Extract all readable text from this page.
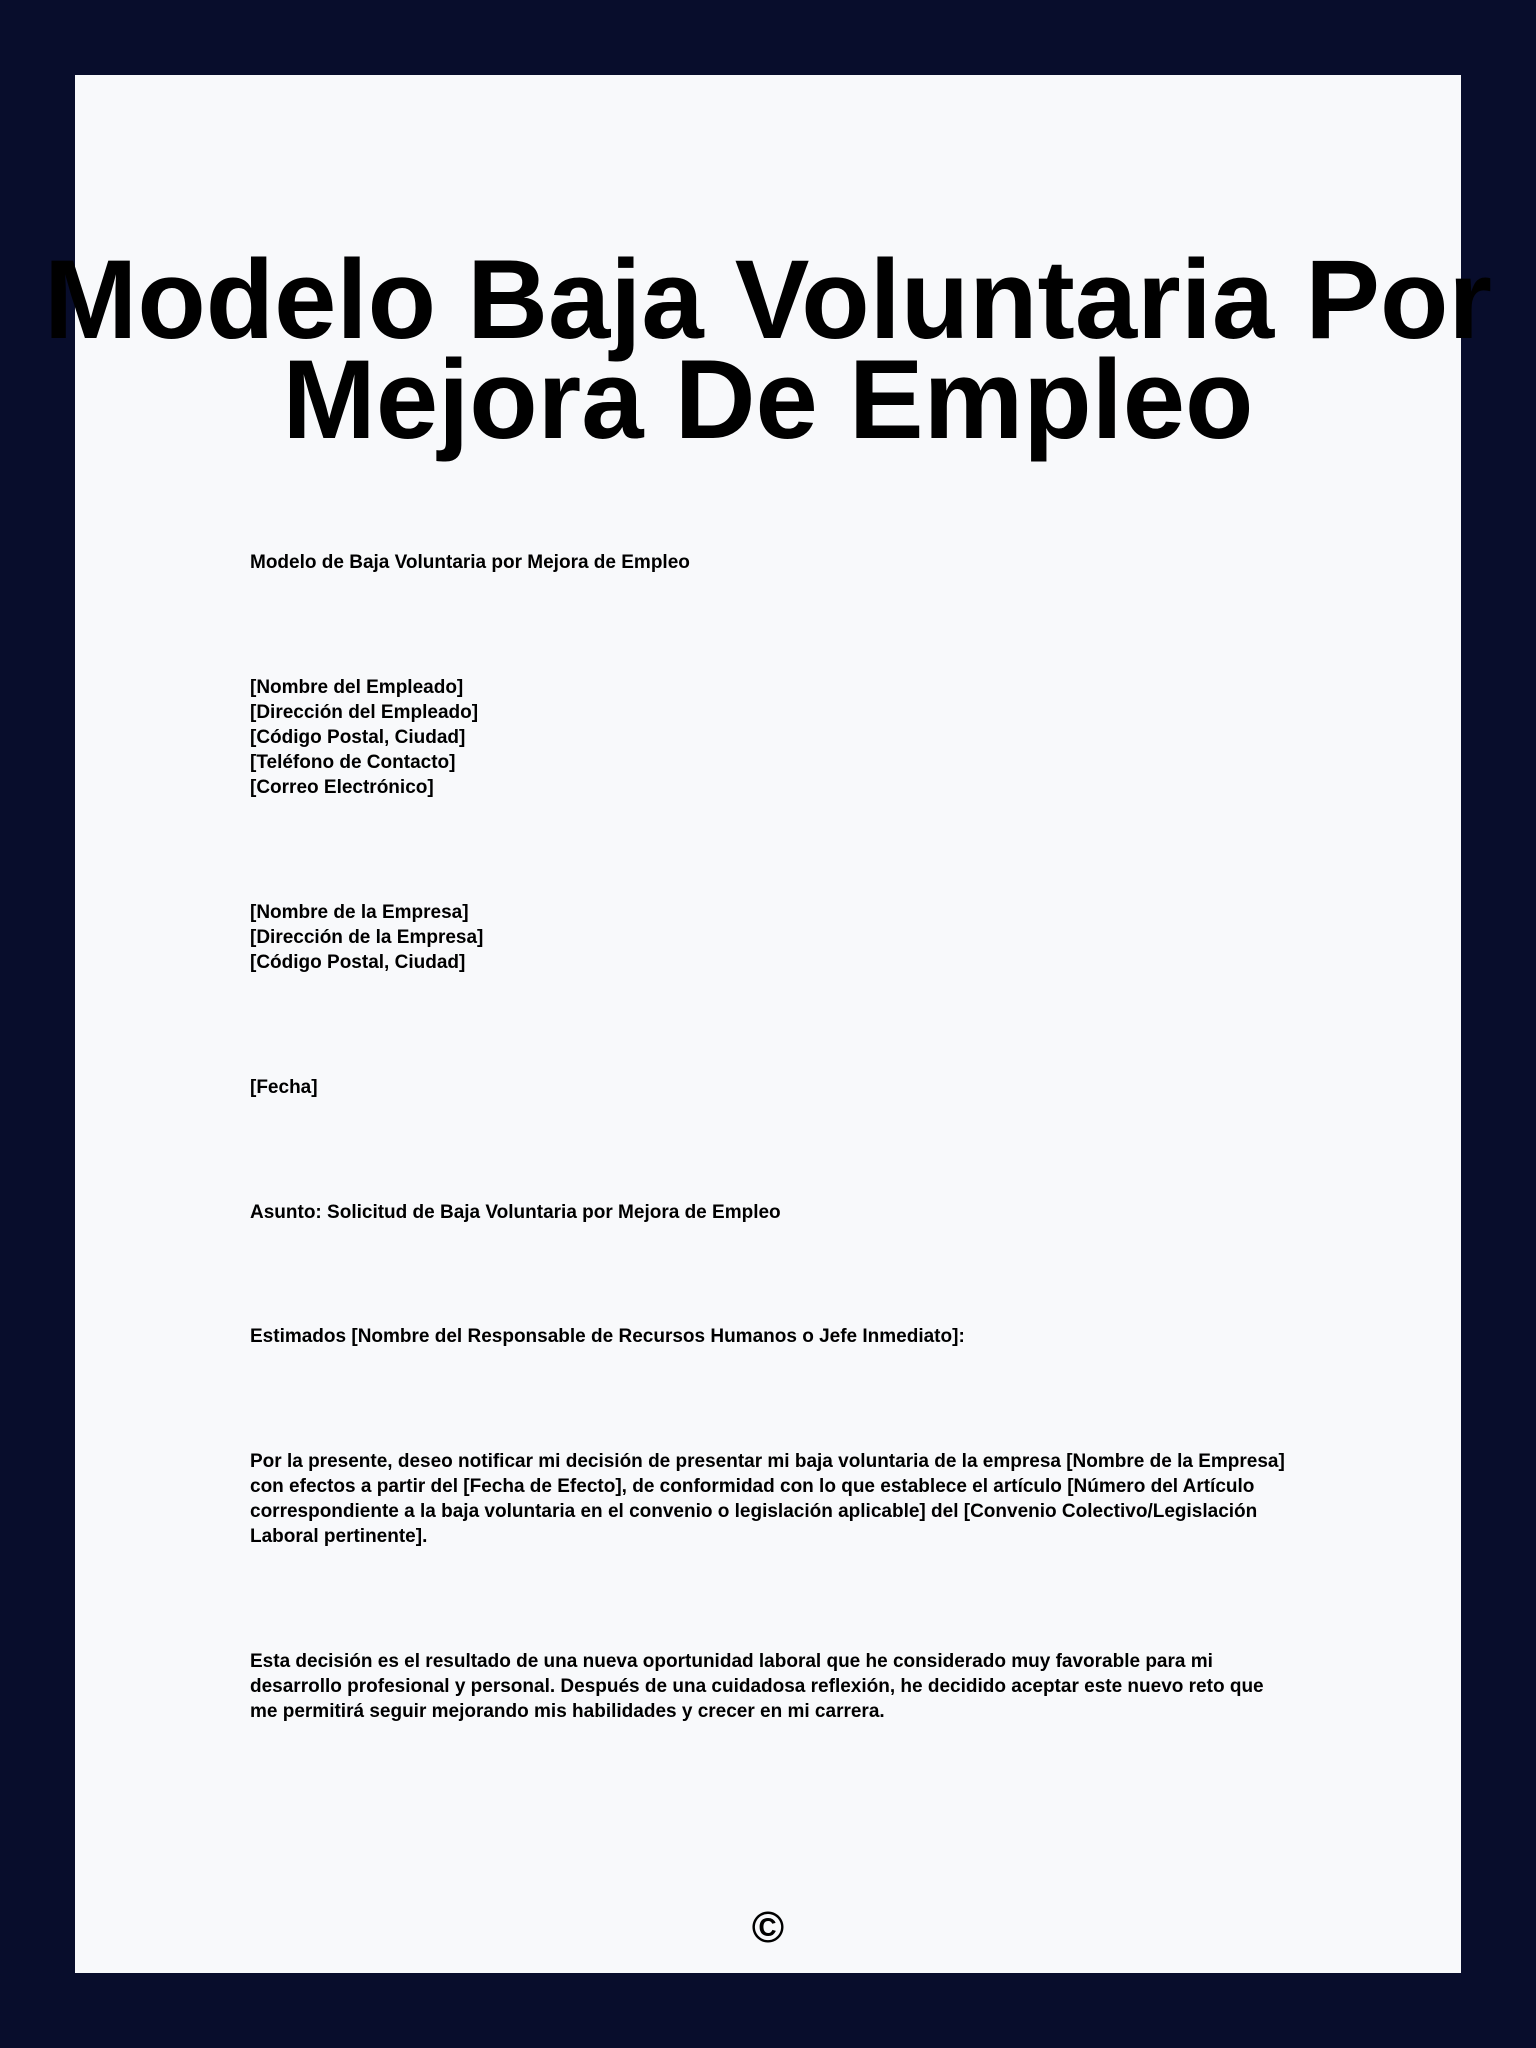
Modelo Baja Voluntaria Por Mejora De Empleo

Modelo de Baja Voluntaria por Mejora de Empleo

[Nombre del Empleado]
[Dirección del Empleado]
[Código Postal, Ciudad]
[Teléfono de Contacto]
[Correo Electrónico]
[Nombre de la Empresa]
[Dirección de la Empresa]
[Código Postal, Ciudad]

[Fecha]

Asunto: Solicitud de Baja Voluntaria por Mejora de Empleo

Estimados [Nombre del Responsable de Recursos Humanos o Jefe Inmediato]:

Por la presente, deseo notificar mi decisión de presentar mi baja voluntaria de la empresa [Nombre de la Empresa] con efectos a partir del [Fecha de Efecto], de conformidad con lo que establece el artículo [Número del Artículo correspondiente a la baja voluntaria en el convenio o legislación aplicable] del [Convenio Colectivo/Legislación Laboral pertinente].

Esta decisión es el resultado de una nueva oportunidad laboral que he considerado muy favorable para mi desarrollo profesional y personal. Después de una cuidadosa reflexión, he decidido aceptar este nuevo reto que me permitirá seguir mejorando mis habilidades y crecer en mi carrera.

©
